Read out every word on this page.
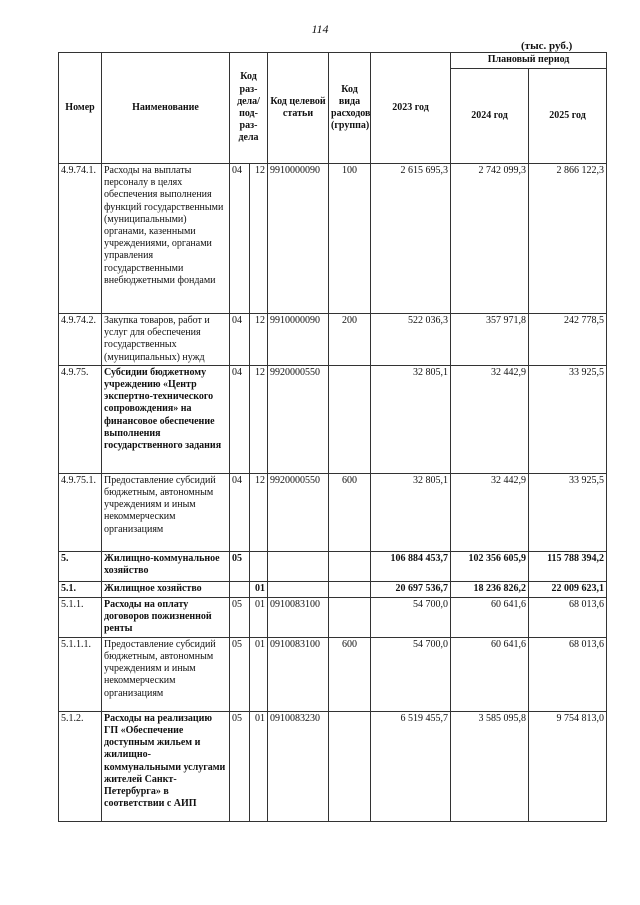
114
(тыс. руб.)
Номер	Наименование	Код раз-дела/ под-раз-дела		Код целевой статьи	Код вида расходов (группа)	2023 год	Плановый период	
							2024 год	2025 год
4.9.74.1.	Расходы на выплаты персоналу в целях обеспечения выполнения функций государственными (муниципальными) органами, казенными учреждениями, органами управления государственными внебюджетными фондами	04	12	9910000090	100	2 615 695,3	2 742 099,3	2 866 122,3
4.9.74.2.	Закупка товаров, работ и услуг для обеспечения государственных (муниципальных) нужд	04	12	9910000090	200	522 036,3	357 971,8	242 778,5
4.9.75.	Субсидии бюджетному учреждению «Центр экспертно-технического сопровождения» на финансовое обеспечение выполнения государственного задания	04	12	9920000550		32 805,1	32 442,9	33 925,5
4.9.75.1.	Предоставление субсидий бюджетным, автономным учреждениям и иным некоммерческим организациям	04	12	9920000550	600	32 805,1	32 442,9	33 925,5
5.	Жилищно-коммунальное хозяйство	05				106 884 453,7	102 356 605,9	115 788 394,2
5.1.	Жилищное хозяйство		01			20 697 536,7	18 236 826,2	22 009 623,1
5.1.1.	Расходы на оплату договоров пожизненной ренты	05	01	0910083100		54 700,0	60 641,6	68 013,6
5.1.1.1.	Предоставление субсидий бюджетным, автономным учреждениям и иным некоммерческим организациям	05	01	0910083100	600	54 700,0	60 641,6	68 013,6
5.1.2.	Расходы на реализацию ГП «Обеспечение доступным жильем и жилищно-коммунальными услугами жителей Санкт-Петербурга» в соответствии с АИП	05	01	0910083230		6 519 455,7	3 585 095,8	9 754 813,0
